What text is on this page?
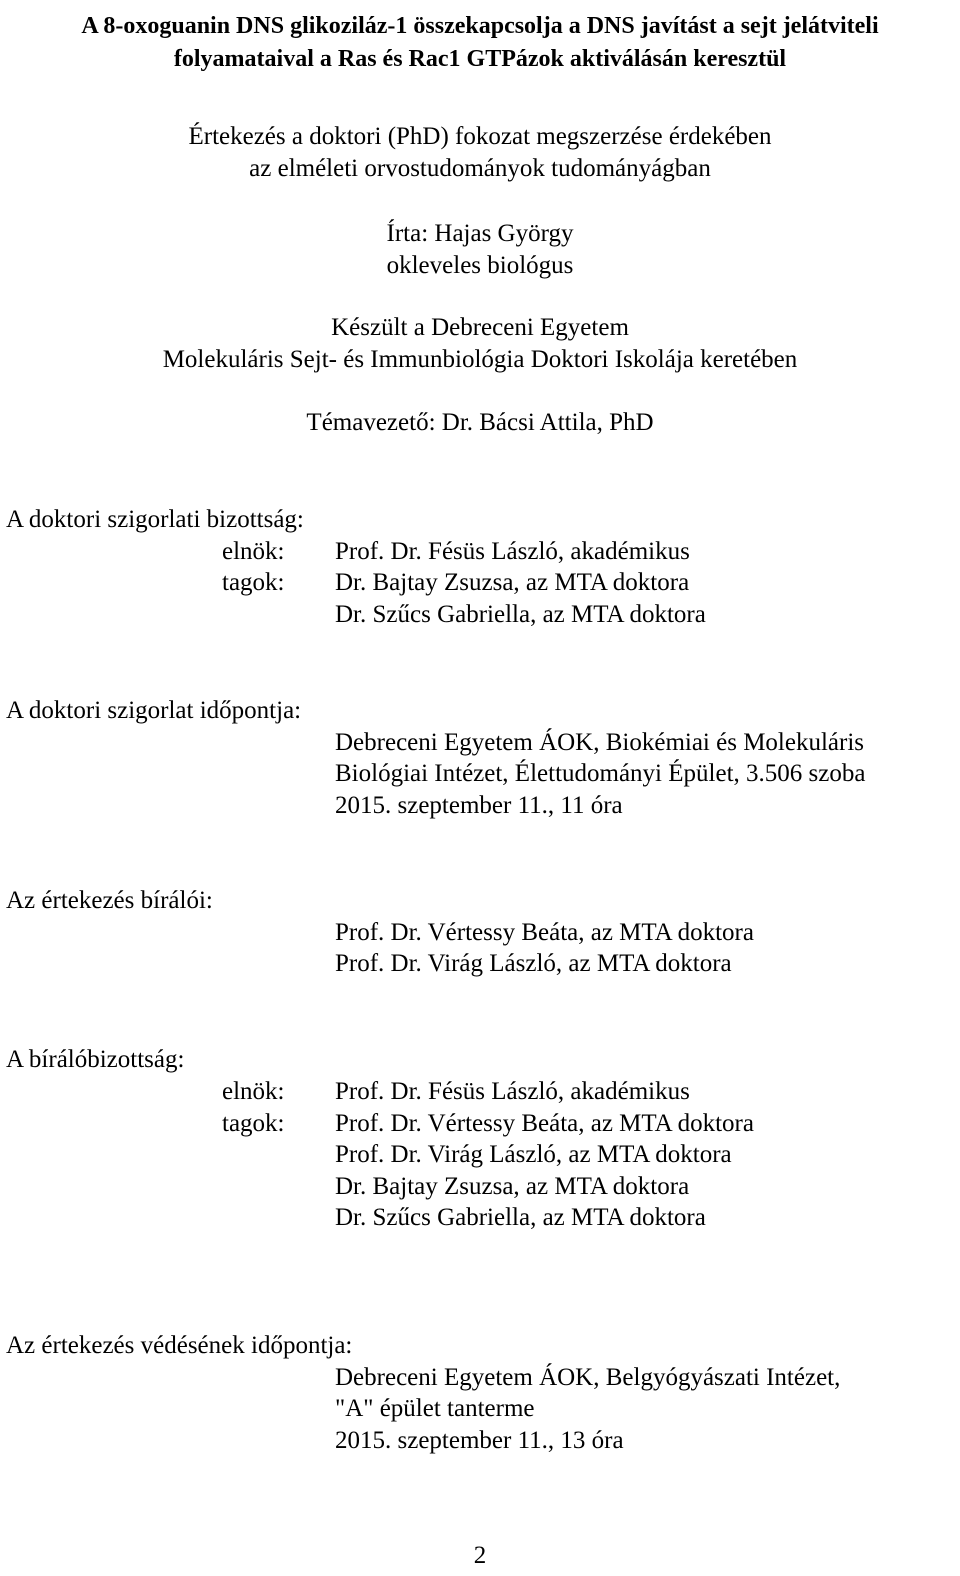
A 8-oxoguanin DNS glikoziláz-1 összekapcsolja a DNS javítást a sejt jelátviteli
folyamataival a Ras és Rac1 GTPázok aktiválásán keresztül
Értekezés a doktori (PhD) fokozat megszerzése érdekében
az elméleti orvostudományok tudományágban
Írta: Hajas György
okleveles biológus
Készült a Debreceni Egyetem
Molekuláris Sejt- és Immunbiológia Doktori Iskolája keretében
Témavezető: Dr. Bácsi Attila, PhD
A doktori szigorlati bizottság:
elnök: Prof. Dr. Fésüs László, akadémikus
tagok: Dr. Bajtay Zsuzsa, az MTA doktora
Dr. Szűcs Gabriella, az MTA doktora
A doktori szigorlat időpontja:
Debreceni Egyetem ÁOK, Biokémiai és Molekuláris
Biológiai Intézet, Élettudományi Épület, 3.506 szoba
2015. szeptember 11., 11 óra
Az értekezés bírálói:
Prof. Dr. Vértessy Beáta, az MTA doktora
Prof. Dr. Virág László, az MTA doktora
A bírálóbizottság:
elnök: Prof. Dr. Fésüs László, akadémikus
tagok: Prof. Dr. Vértessy Beáta, az MTA doktora
Prof. Dr. Virág László, az MTA doktora
Dr. Bajtay Zsuzsa, az MTA doktora
Dr. Szűcs Gabriella, az MTA doktora
Az értekezés védésének időpontja:
Debreceni Egyetem ÁOK, Belgyógyászati Intézet,
"A" épület tanterme
2015. szeptember 11., 13 óra
2
